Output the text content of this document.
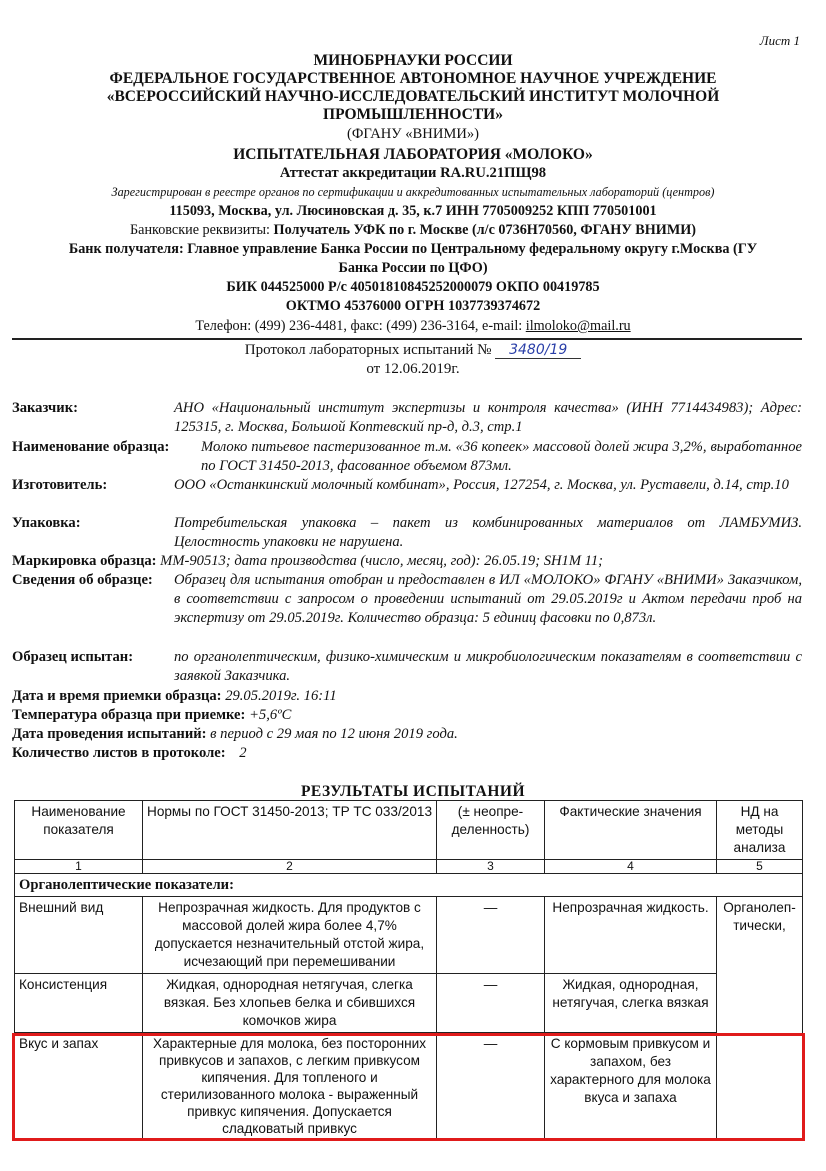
Лист 1
МИНОБРНАУКИ РОССИИ
ФЕДЕРАЛЬНОЕ ГОСУДАРСТВЕННОЕ АВТОНОМНОЕ НАУЧНОЕ УЧРЕЖДЕНИЕ
«ВСЕРОССИЙСКИЙ НАУЧНО-ИССЛЕДОВАТЕЛЬСКИЙ ИНСТИТУТ МОЛОЧНОЙ
ПРОМЫШЛЕННОСТИ»
(ФГАНУ «ВНИМИ»)
ИСПЫТАТЕЛЬНАЯ ЛАБОРАТОРИЯ «МОЛОКО»
Аттестат аккредитации RA.RU.21ПЩ98
Зарегистрирован в реестре органов по сертификации и аккредитованных испытательных лабораторий (центров)
115093, Москва, ул. Люсиновская д. 35, к.7 ИНН 7705009252 КПП 770501001
Банковские реквизиты: Получатель УФК по г. Москве (л/с 0736Н70560, ФГАНУ ВНИМИ)
Банк получателя: Главное управление Банка России по Центральному федеральному округу г.Москва (ГУ
Банка России по ЦФО)
БИК 044525000 Р/с 40501810845252000079 ОКПО 00419785
ОКТМО 45376000 ОГРН 1037739374672
Телефон: (499) 236-4481, факс: (499) 236-3164, e-mail: ilmoloko@mail.ru
Протокол лабораторных испытаний № 3480/19
от 12.06.2019г.
Заказчик:	АНО «Национальный институт экспертизы и контроля качества» (ИНН 7714434983); Адрес: 125315, г. Москва, Большой Коптевский пр-д, д.3, стр.1
Наименование образца:	Молоко питьевое пастеризованное т.м. «36 копеек» массовой долей жира 3,2%, выработанное по ГОСТ 31450-2013, фасованное объемом 873мл.
Изготовитель:	ООО «Останкинский молочный комбинат», Россия, 127254, г. Москва, ул. Руставели, д.14, стр.10
Упаковка:	Потребительская упаковка – пакет из комбинированных материалов от ЛАМБУМИЗ. Целостность упаковки не нарушена.
Маркировка образца: ММ-90513; дата производства (число, месяц, год): 26.05.19; SH1M 11;
Сведения об образце:	Образец для испытания отобран и предоставлен в ИЛ «МОЛОКО» ФГАНУ «ВНИМИ» Заказчиком, в соответствии с запросом о проведении испытаний от 29.05.2019г и Актом передачи проб на экспертизу от 29.05.2019г. Количество образца: 5 единиц фасовки по 0,873л.
Образец испытан:	по органолептическим, физико-химическим и микробиологическим показателям в соответствии с заявкой Заказчика.
Дата и время приемки образца: 29.05.2019г. 16:11
Температура образца при приемке: +5,6ºС
Дата проведения испытаний: в период с 29 мая по 12 июня 2019 года.
Количество листов в протоколе: 2
РЕЗУЛЬТАТЫ ИСПЫТАНИЙ
Наименование показателя	Нормы по ГОСТ 31450-2013; ТР ТС 033/2013	(± неопре-деленность)	Фактические значения	НД на методы анализа
1	2	3	4	5
Органолептические показатели:				
Внешний вид	Непрозрачная жидкость. Для продуктов с массовой долей жира более 4,7% допускается незначительный отстой жира, исчезающий при перемешивании	—	Непрозрачная жидкость.	Органолеп-тически,
Консистенция	Жидкая, однородная нетягучая, слегка вязкая. Без хлопьев белка и сбившихся комочков жира	—	Жидкая, однородная, нетягучая, слегка вязкая	
Вкус и запах	Характерные для молока, без посторонних привкусов и запахов, с легким привкусом кипячения. Для топленого и стерилизованного молока - выраженный привкус кипячения. Допускается сладковатый привкус	—	С кормовым привкусом и запахом, без характерного для молока вкуса и запаха	
